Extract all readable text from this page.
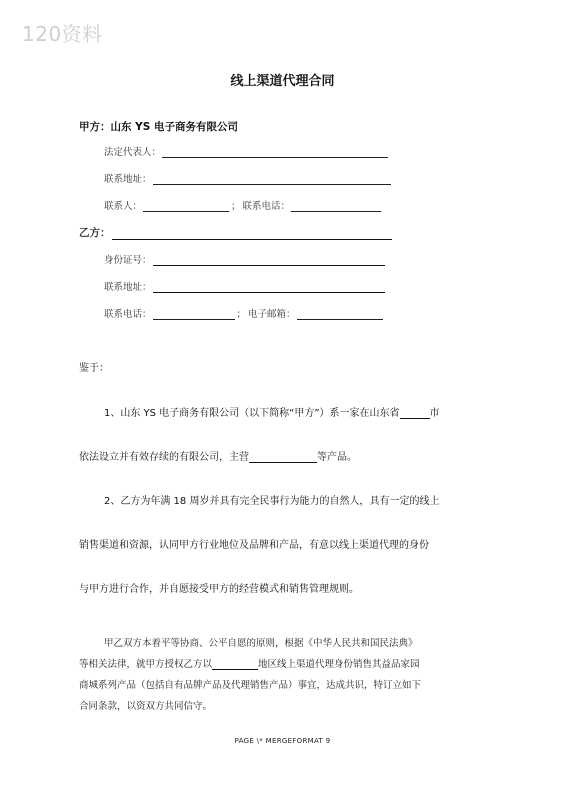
120资料
线上渠道代理合同
甲方：山东 YS 电子商务有限公司
法定代表人：
联系地址：
联系人：	； 联系电话：
乙方：
身份证号：
联系地址：
联系电话：	； 电子邮箱：
鉴于：
1、山东 YS 电子商务有限公司（以下简称“甲方”）系一家在山东省	市
依法设立并有效存续的有限公司，主营	等产品。
2、乙方为年满 18 周岁并具有完全民事行为能力的自然人，具有一定的线上
销售渠道和资源，认同甲方行业地位及品牌和产品，有意以线上渠道代理的身份
与甲方进行合作，并自愿接受甲方的经营模式和销售管理规则。
甲乙双方本着平等协商、公平自愿的原则，根据《中华人民共和国民法典》
等相关法律，就甲方授权乙方以	地区线上渠道代理身份销售其益品家园
商城系列产品（包括自有品牌产品及代理销售产品）事宜，达成共识，特订立如下
合同条款，以资双方共同信守。
PAGE \* MERGEFORMAT 9
